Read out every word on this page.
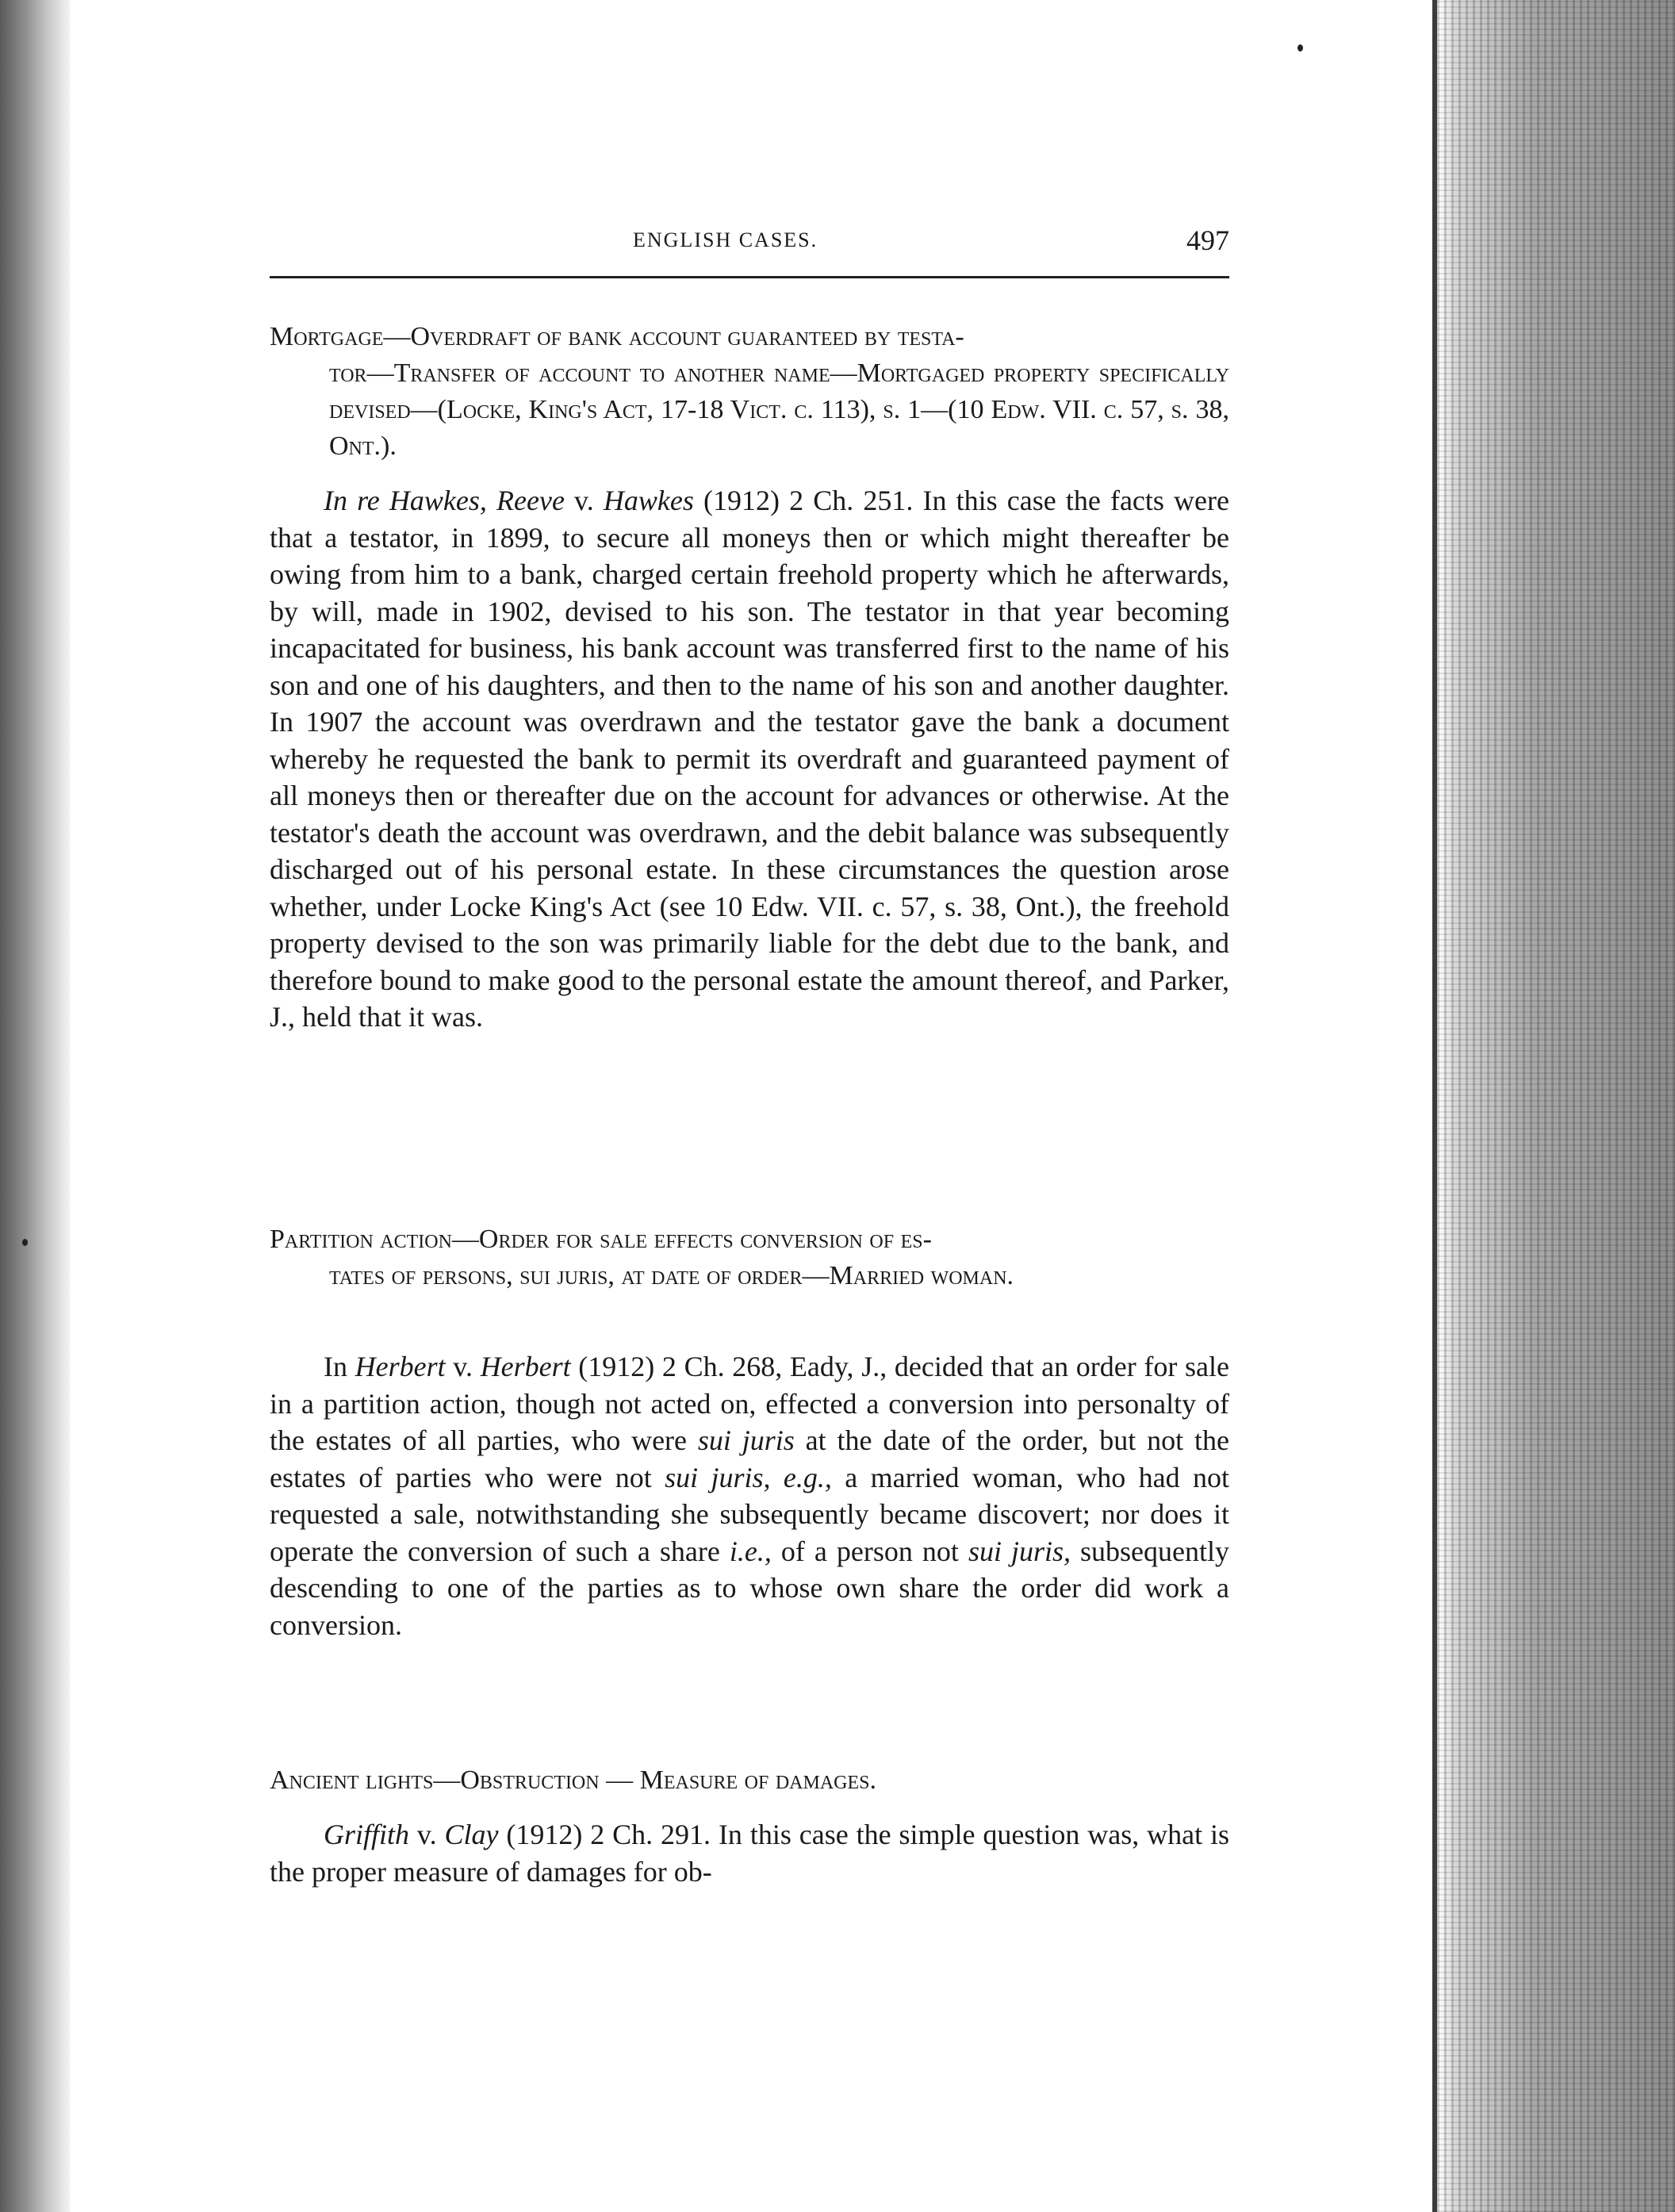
ENGLISH CASES.	497
Mortgage—Overdraft of bank account guaranteed by testa-
tor—Transfer of account to another name—Mortgaged property specifically devised—(Locke, King's Act, 17-18 Vict. c. 113), s. 1—(10 Edw. VII. c. 57, s. 38, Ont.).
In re Hawkes, Reeve v. Hawkes (1912) 2 Ch. 251. In this case the facts were that a testator, in 1899, to secure all moneys then or which might thereafter be owing from him to a bank, charged certain freehold property which he afterwards, by will, made in 1902, devised to his son. The testator in that year becoming incapacitated for business, his bank account was transferred first to the name of his son and one of his daughters, and then to the name of his son and another daughter. In 1907 the account was overdrawn and the testator gave the bank a document whereby he requested the bank to permit its overdraft and guaranteed payment of all moneys then or thereafter due on the account for advances or otherwise. At the testator's death the account was overdrawn, and the debit balance was subsequently discharged out of his personal estate. In these circumstances the question arose whether, under Locke King's Act (see 10 Edw. VII. c. 57, s. 38, Ont.), the freehold property devised to the son was primarily liable for the debt due to the bank, and therefore bound to make good to the personal estate the amount thereof, and Parker, J., held that it was.
Partition action—Order for sale effects conversion of es-
tates of persons, sui juris, at date of order—Married woman.
In Herbert v. Herbert (1912) 2 Ch. 268, Eady, J., decided that an order for sale in a partition action, though not acted on, effected a conversion into personalty of the estates of all parties, who were sui juris at the date of the order, but not the estates of parties who were not sui juris, e.g., a married woman, who had not requested a sale, notwithstanding she subsequently became discovert; nor does it operate the conversion of such a share i.e., of a person not sui juris, subsequently descending to one of the parties as to whose own share the order did work a conversion.
Ancient lights—Obstruction — Measure of damages.
Griffith v. Clay (1912) 2 Ch. 291. In this case the simple question was, what is the proper measure of damages for ob-
